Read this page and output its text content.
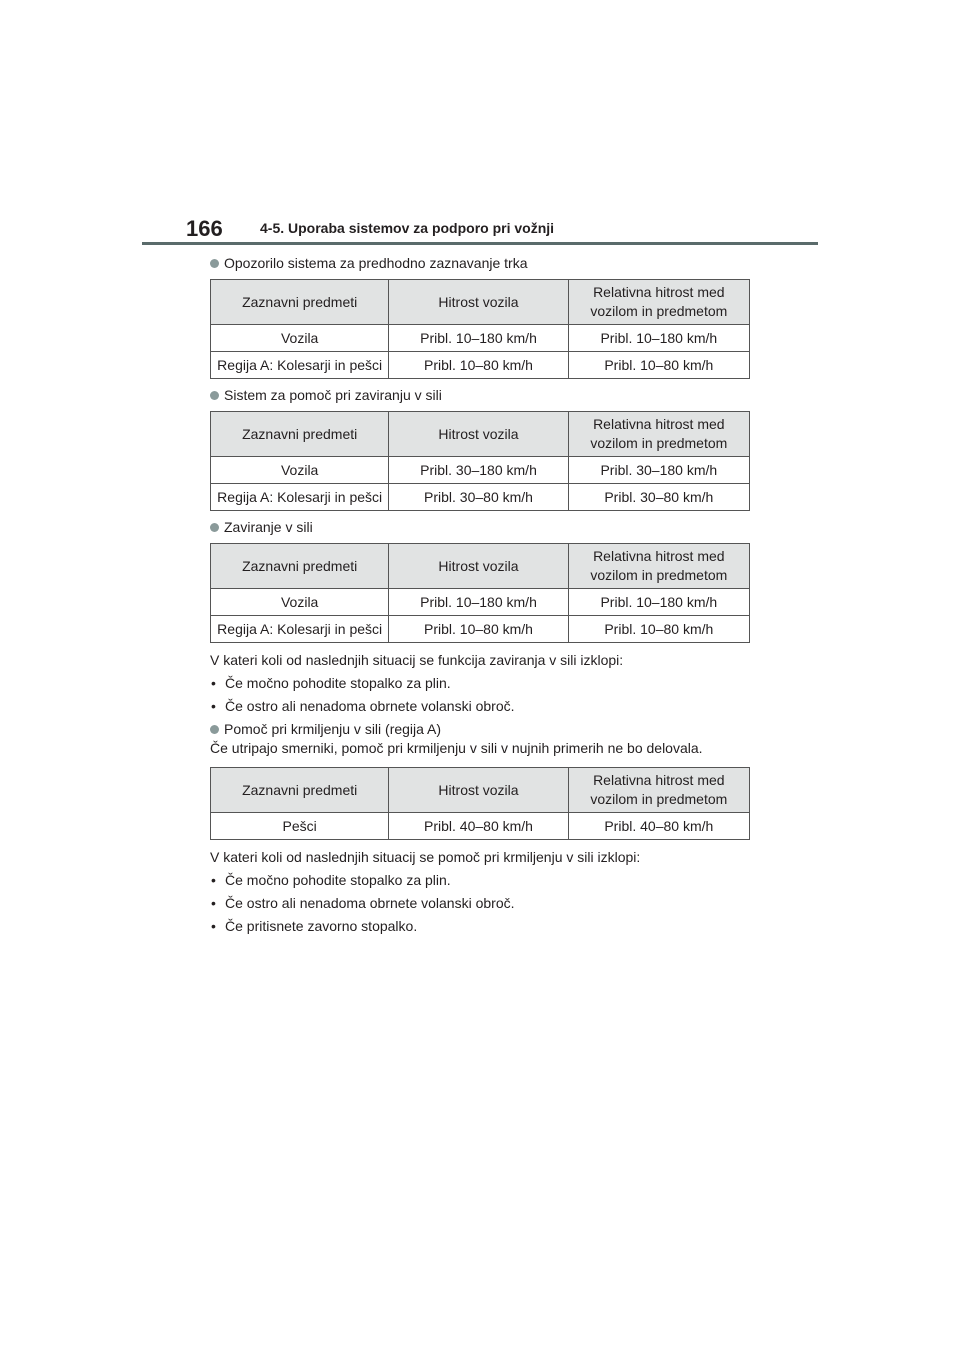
166	4-5. Uporaba sistemov za podporo pri vožnji
Opozorilo sistema za predhodno zaznavanje trka
Zaznavni predmeti	Hitrost vozila	Relativna hitrost med
vozilom in predmetom

Vozila	Pribl. 10–180 km/h	Pribl. 10–180 km/h
Regija A: Kolesarji in pešci	Pribl. 10–80 km/h	Pribl. 10–80 km/h
Sistem za pomoč pri zaviranju v sili
Zaznavni predmeti	Hitrost vozila	Relativna hitrost med
vozilom in predmetom

Vozila	Pribl. 30–180 km/h	Pribl. 30–180 km/h
Regija A: Kolesarji in pešci	Pribl. 30–80 km/h	Pribl. 30–80 km/h
Zaviranje v sili
Zaznavni predmeti	Hitrost vozila	Relativna hitrost med
vozilom in predmetom

Vozila	Pribl. 10–180 km/h	Pribl. 10–180 km/h
Regija A: Kolesarji in pešci	Pribl. 10–80 km/h	Pribl. 10–80 km/h
V kateri koli od naslednjih situacij se funkcija zaviranja v sili izklopi:
• Če močno pohodite stopalko za plin.
• Če ostro ali nenadoma obrnete volanski obroč.
Pomoč pri krmiljenju v sili (regija A)
Če utripajo smerniki, pomoč pri krmiljenju v sili v nujnih primerih ne bo delovala.
Zaznavni predmeti	Hitrost vozila	Relativna hitrost med
vozilom in predmetom

Pešci	Pribl. 40–80 km/h	Pribl. 40–80 km/h
V kateri koli od naslednjih situacij se pomoč pri krmiljenju v sili izklopi:
• Če močno pohodite stopalko za plin.
• Če ostro ali nenadoma obrnete volanski obroč.
• Če pritisnete zavorno stopalko.
